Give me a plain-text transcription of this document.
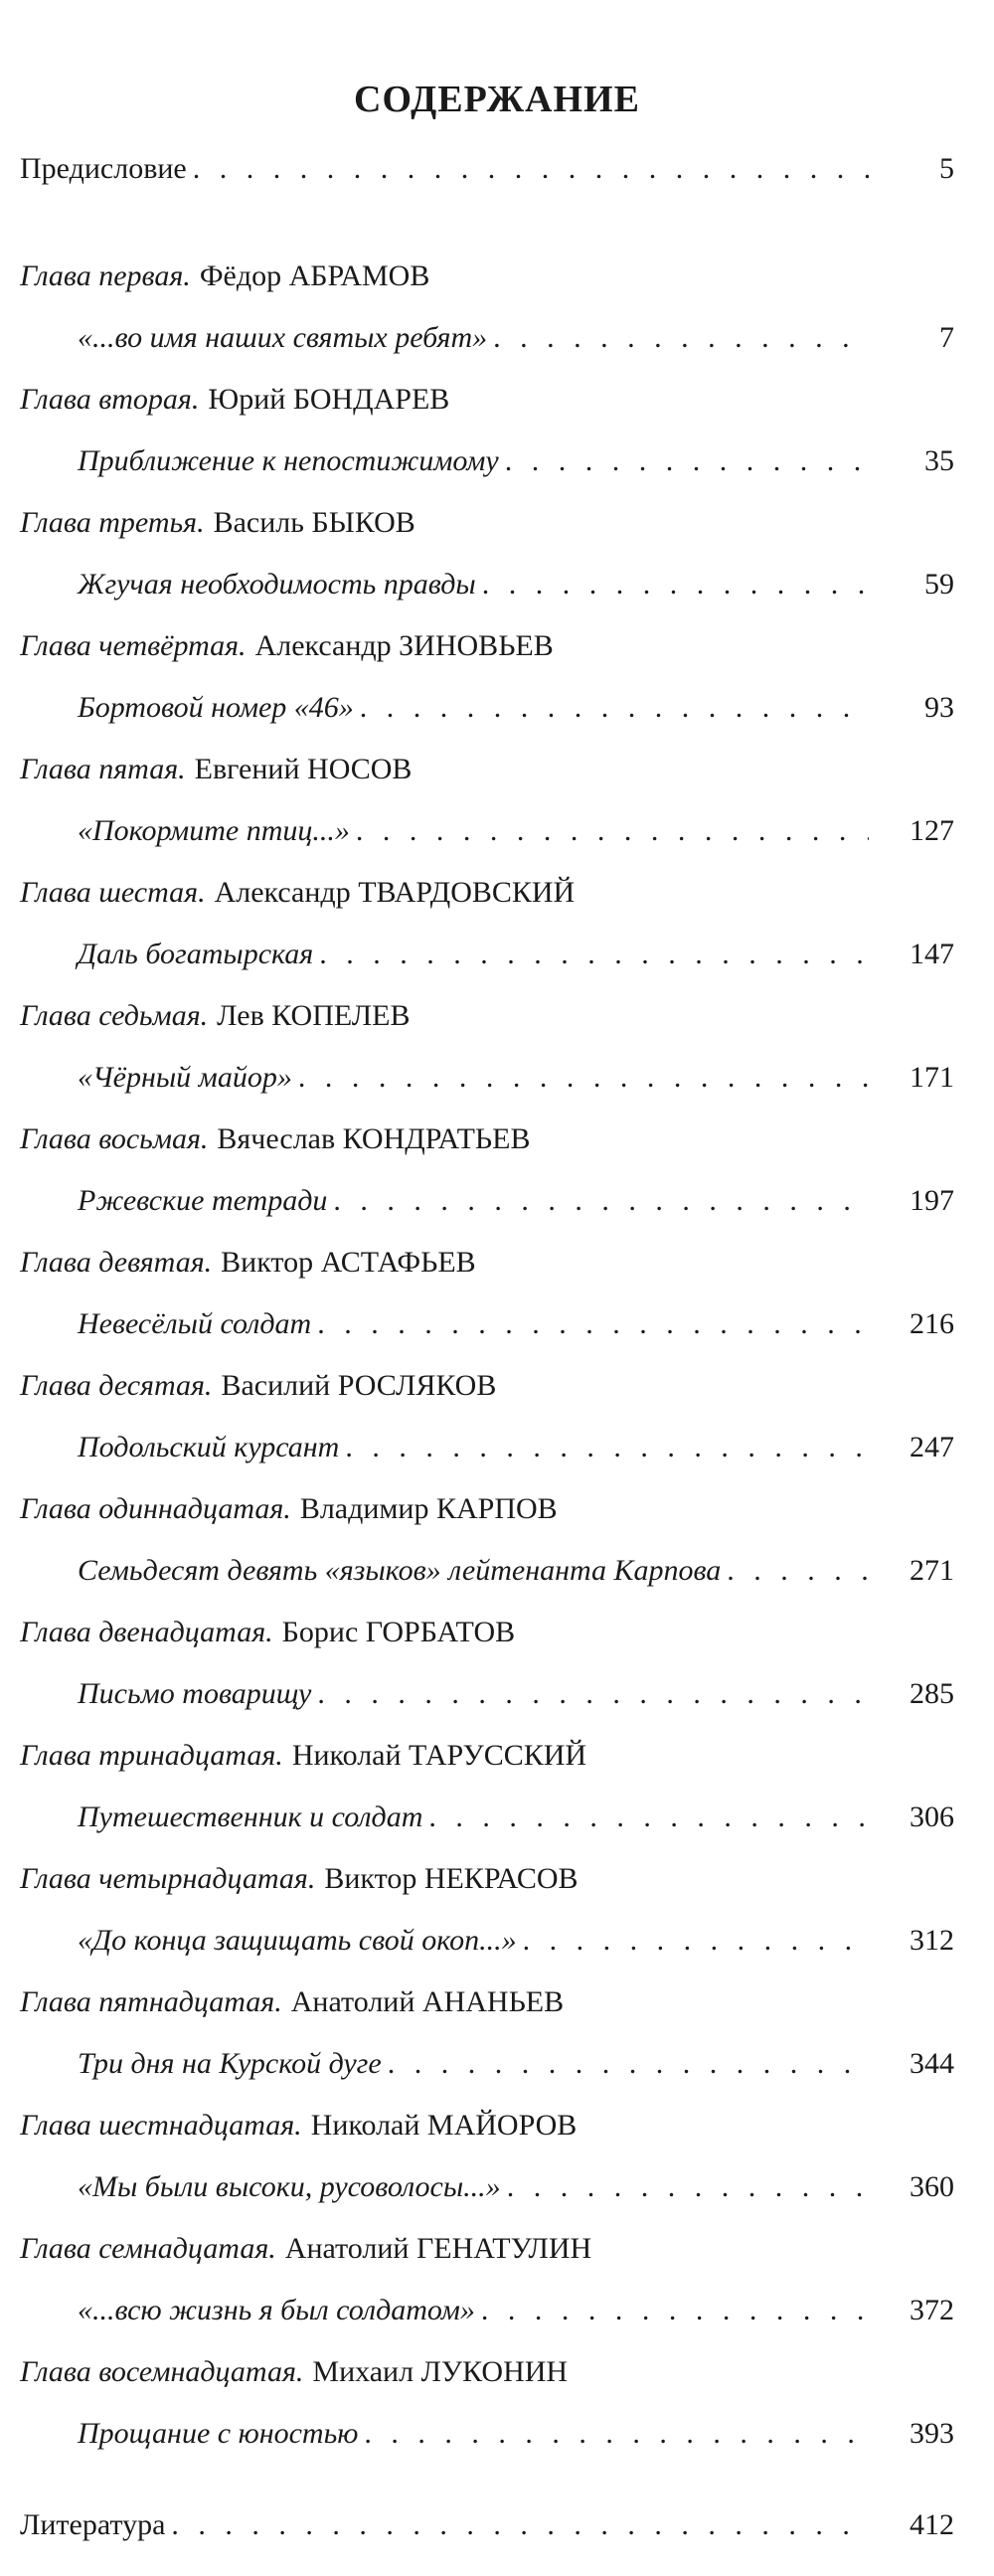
СОДЕРЖАНИЕ
Предисловие . . .	5
Глава первая. Фёдор АБРАМОВ
«...во имя наших святых ребят» . . .	7
Глава вторая. Юрий БОНДАРЕВ
Приближение к непостижимому . . .	35
Глава третья. Василь БЫКОВ
Жгучая необходимость правды . . .	59
Глава четвёртая. Александр ЗИНОВЬЕВ
Бортовой номер «46» . . .	93
Глава пятая. Евгений НОСОВ
«Покормите птиц...» . . .	127
Глава шестая. Александр ТВАРДОВСКИЙ
Даль богатырская . . .	147
Глава седьмая. Лев КОПЕЛЕВ
«Чёрный майор» . . .	171
Глава восьмая. Вячеслав КОНДРАТЬЕВ
Ржевские тетради . . .	197
Глава девятая. Виктор АСТАФЬЕВ
Невесёлый солдат . . .	216
Глава десятая. Василий РОСЛЯКОВ
Подольский курсант . . .	247
Глава одиннадцатая. Владимир КАРПОВ
Семьдесят девять «языков» лейтенанта Карпова . . .	271
Глава двенадцатая. Борис ГОРБАТОВ
Письмо товарищу . . .	285
Глава тринадцатая. Николай ТАРУССКИЙ
Путешественник и солдат . . .	306
Глава четырнадцатая. Виктор НЕКРАСОВ
«До конца защищать свой окоп...» . . .	312
Глава пятнадцатая. Анатолий АНАНЬЕВ
Три дня на Курской дуге . . .	344
Глава шестнадцатая. Николай МАЙОРОВ
«Мы были высоки, русоволосы...» . . .	360
Глава семнадцатая. Анатолий ГЕНАТУЛИН
«...всю жизнь я был солдатом» . . .	372
Глава восемнадцатая. Михаил ЛУКОНИН
Прощание с юностью . . .	393
Литература . . .	412
